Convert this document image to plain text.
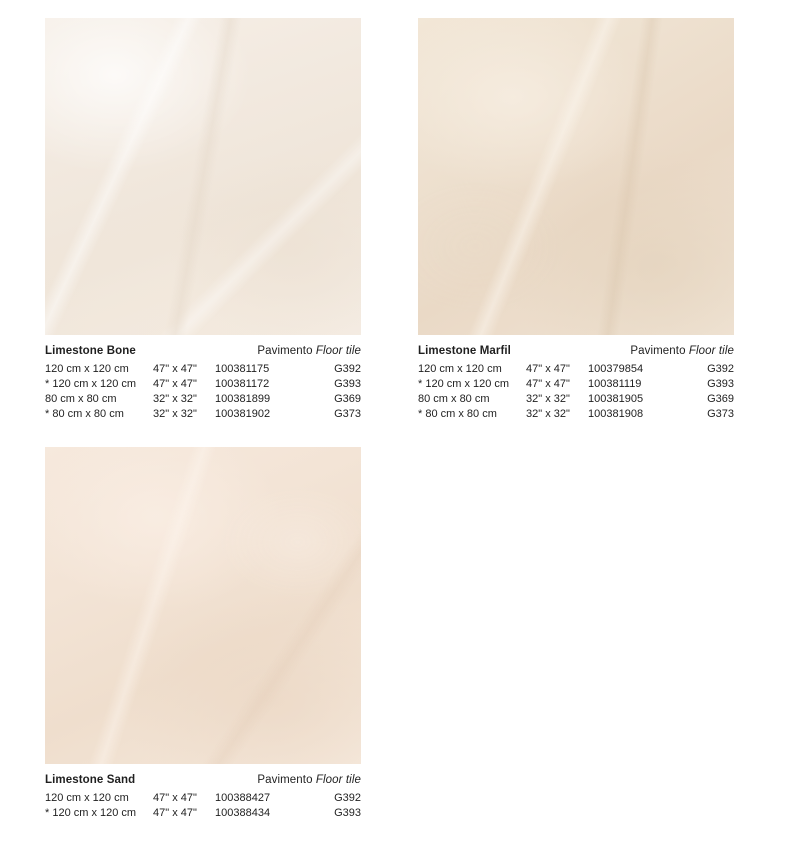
Limestone Bone	Pavimento Floor tile
120 cm x 120 cm	47" x 47"	100381175	G392
* 120 cm x 120 cm	47" x 47"	100381172	G393
80 cm x 80 cm	32" x 32"	100381899	G369
* 80 cm x 80 cm	32" x 32"	100381902	G373
Limestone Marfil	Pavimento Floor tile
120 cm x 120 cm	47" x 47"	100379854	G392
* 120 cm x 120 cm	47" x 47"	100381119	G393
80 cm x 80 cm	32" x 32"	100381905	G369
* 80 cm x 80 cm	32" x 32"	100381908	G373
Limestone Sand	Pavimento Floor tile
120 cm x 120 cm	47" x 47"	100388427	G392
* 120 cm x 120 cm	47" x 47"	100388434	G393
